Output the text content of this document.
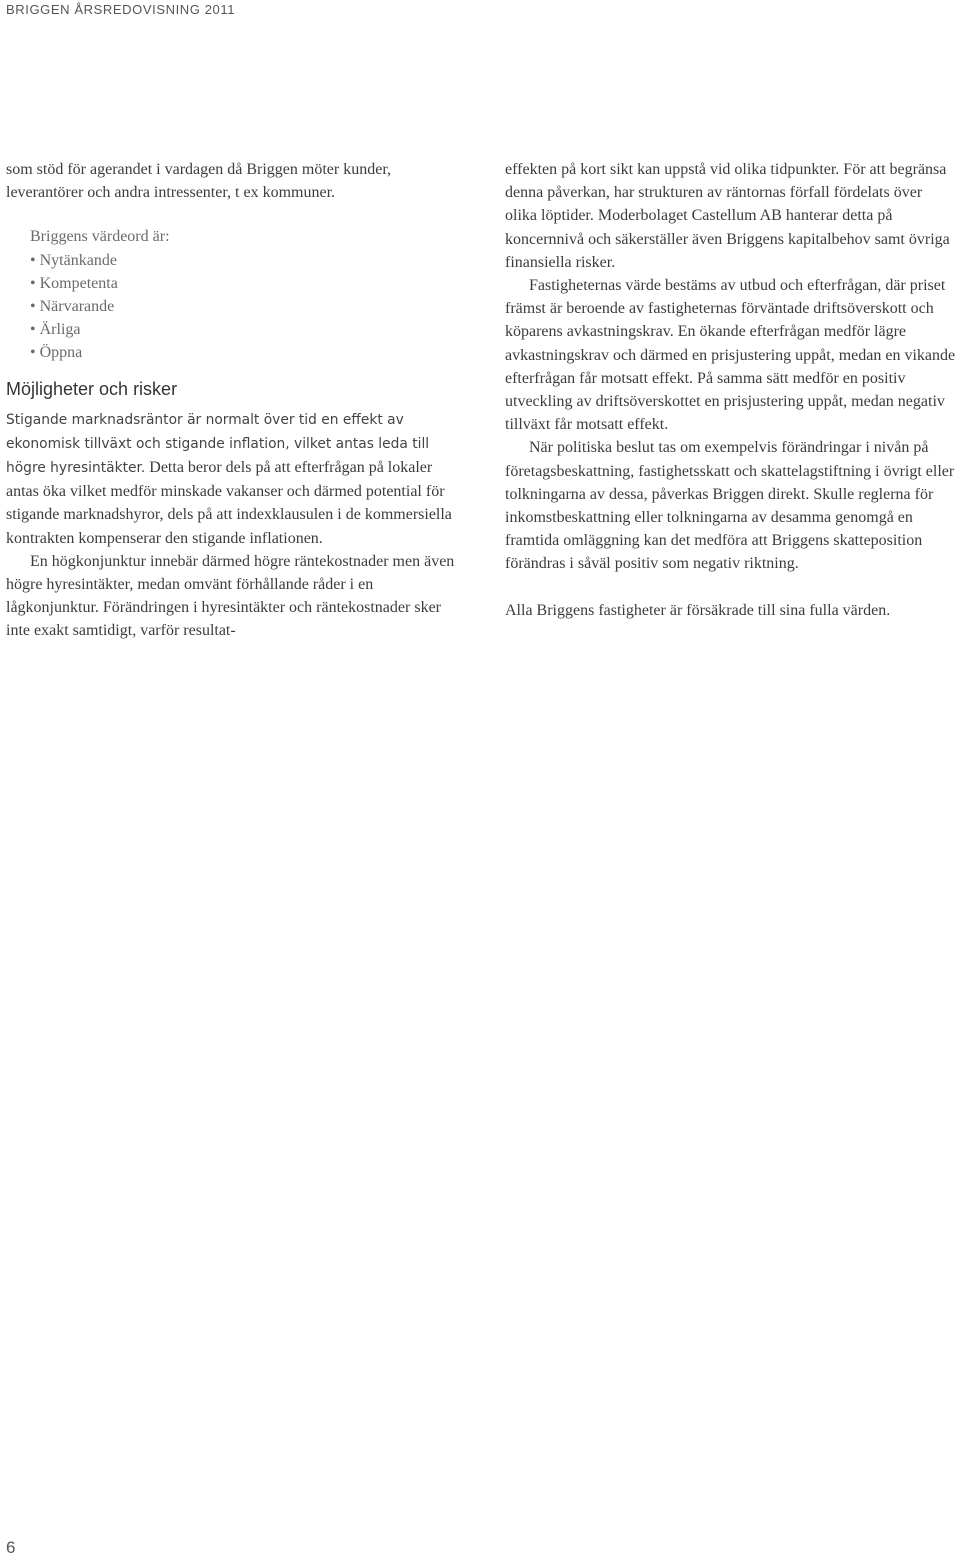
BRIGGEN ÅRSREDOVISNING 2011

som stöd för agerandet i vardagen då Briggen möter kunder, leverantörer och andra intressenter, t ex kommuner.

Briggens värdeord är:
• Nytänkande
• Kompetenta
• Närvarande
• Ärliga
• Öppna
Möjligheter och risker

Stigande marknadsräntor är normalt över tid en effekt av ekonomisk tillväxt och stigande inflation, vilket antas leda till högre hyresintäkter. Detta beror dels på att efterfrågan på lokaler antas öka vilket medför minskade vakanser och därmed potential för stigande marknadshyror, dels på att indexklausulen i de kommersiella kontrakten kompenserar den stigande inflationen.

En högkonjunktur innebär därmed högre räntekostnader men även högre hyresintäkter, medan omvänt förhållande råder i en lågkonjunktur. Förändringen i hyresintäkter och räntekostnader sker inte exakt samtidigt, varför resultat-

effekten på kort sikt kan uppstå vid olika tidpunkter. För att begränsa denna påverkan, har strukturen av räntornas förfall fördelats över olika löptider. Moderbolaget Castellum AB hanterar detta på koncernnivå och säkerställer även Briggens kapitalbehov samt övriga finansiella risker.

Fastigheternas värde bestäms av utbud och efterfrågan, där priset främst är beroende av fastigheternas förväntade driftsöverskott och köparens avkastningskrav. En ökande efterfrågan medför lägre avkastningskrav och därmed en prisjustering uppåt, medan en vikande efterfrågan får motsatt effekt. På samma sätt medför en positiv utveckling av driftsöverskottet en prisjustering uppåt, medan negativ tillväxt får motsatt effekt.

När politiska beslut tas om exempelvis förändringar i nivån på företagsbeskattning, fastighetsskatt och skattelagstiftning i övrigt eller tolkningarna av dessa, påverkas Briggen direkt. Skulle reglerna för inkomstbeskattning eller tolkningarna av desamma genomgå en framtida omläggning kan det medföra att Briggens skatteposition förändras i såväl positiv som negativ riktning.

Alla Briggens fastigheter är försäkrade till sina fulla värden.

6
